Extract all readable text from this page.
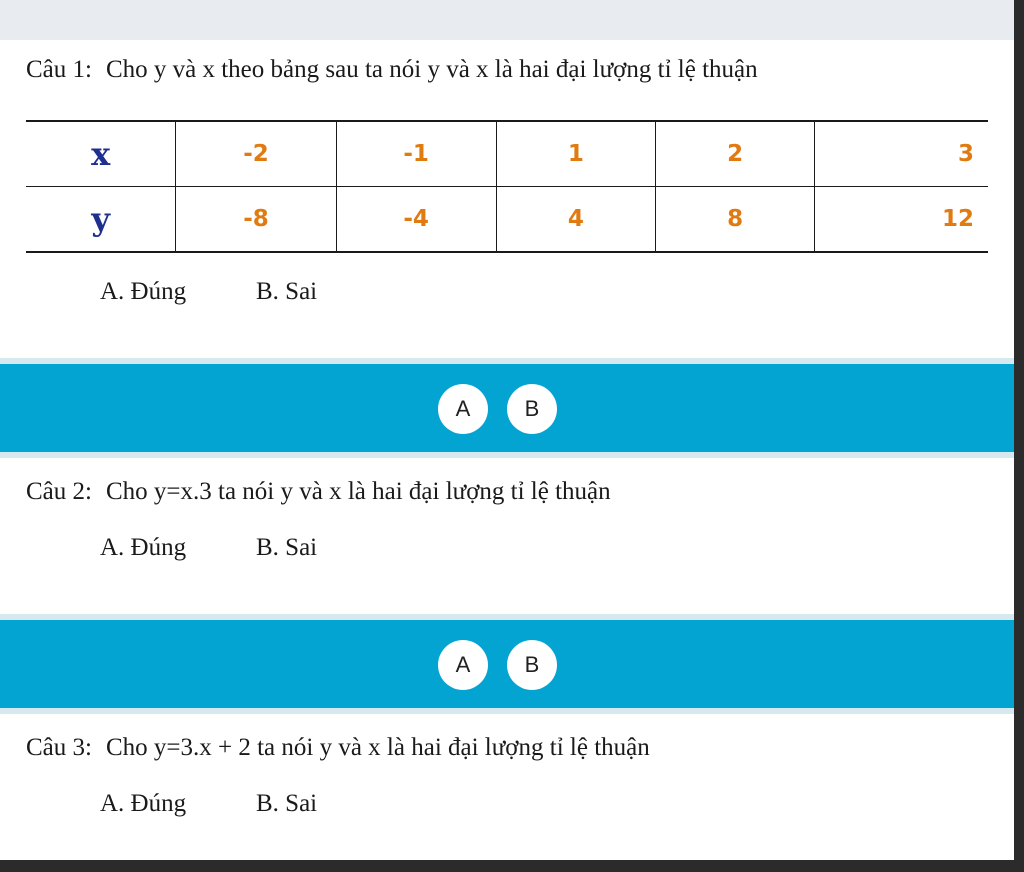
Câu 1: Cho y và x theo bảng sau ta nói y và x là hai đại lượng tỉ lệ thuận
x	-2	-1	1	2	3
y	-8	-4	4	8	12
A. Đúng	B. Sai
A	B
Câu 2: Cho y=x.3 ta nói y và x là hai đại lượng tỉ lệ thuận
A. Đúng	B. Sai
A	B
Câu 3: Cho y=3.x + 2 ta nói y và x là hai đại lượng tỉ lệ thuận
A. Đúng	B. Sai
